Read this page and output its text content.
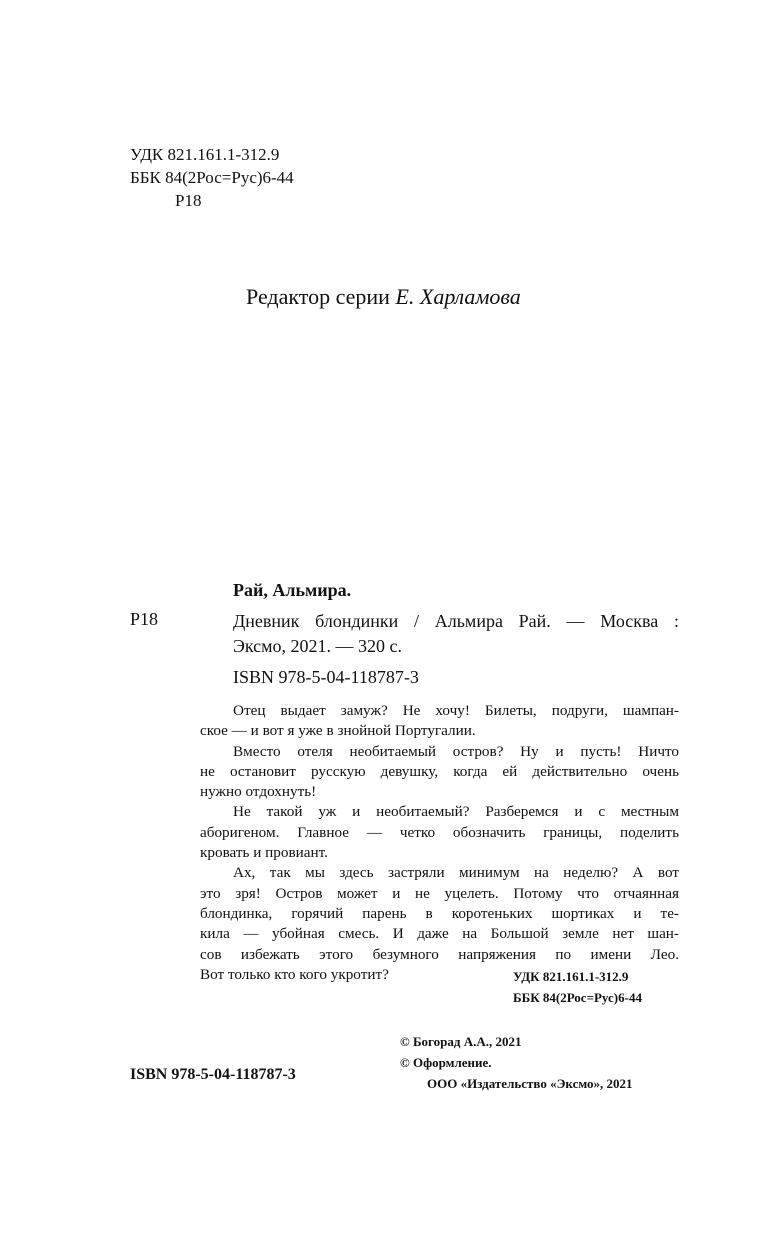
УДК 821.161.1-312.9
ББК 84(2Рос=Рус)6-44
Р18
Редактор серии Е. Харламова
Рай, Альмира.
Р18	Дневник блондинки / Альмира Рай. — Москва :
Эксмо, 2021. — 320 с.
ISBN 978-5-04-118787-3
Отец выдает замуж? Не хочу! Билеты, подруги, шампан-
ское — и вот я уже в знойной Португалии.
Вместо отеля необитаемый остров? Ну и пусть! Ничто
не остановит русскую девушку, когда ей действительно очень
нужно отдохнуть!
Не такой уж и необитаемый? Разберемся и с местным
аборигеном. Главное — четко обозначить границы, поделить
кровать и провиант.
Ах, так мы здесь застряли минимум на неделю? А вот
это зря! Остров может и не уцелеть. Потому что отчаянная
блондинка, горячий парень в коротеньких шортиках и те-
кила — убойная смесь. И даже на Большой земле нет шан-
сов избежать этого безумного напряжения по имени Лео.
Вот только кто кого укротит?	УДК 821.161.1-312.9
ББК 84(2Рос=Рус)6-44
© Богорад А.А., 2021
© Оформление.
ООО «Издательство «Эксмо», 2021
ISBN 978-5-04-118787-3
